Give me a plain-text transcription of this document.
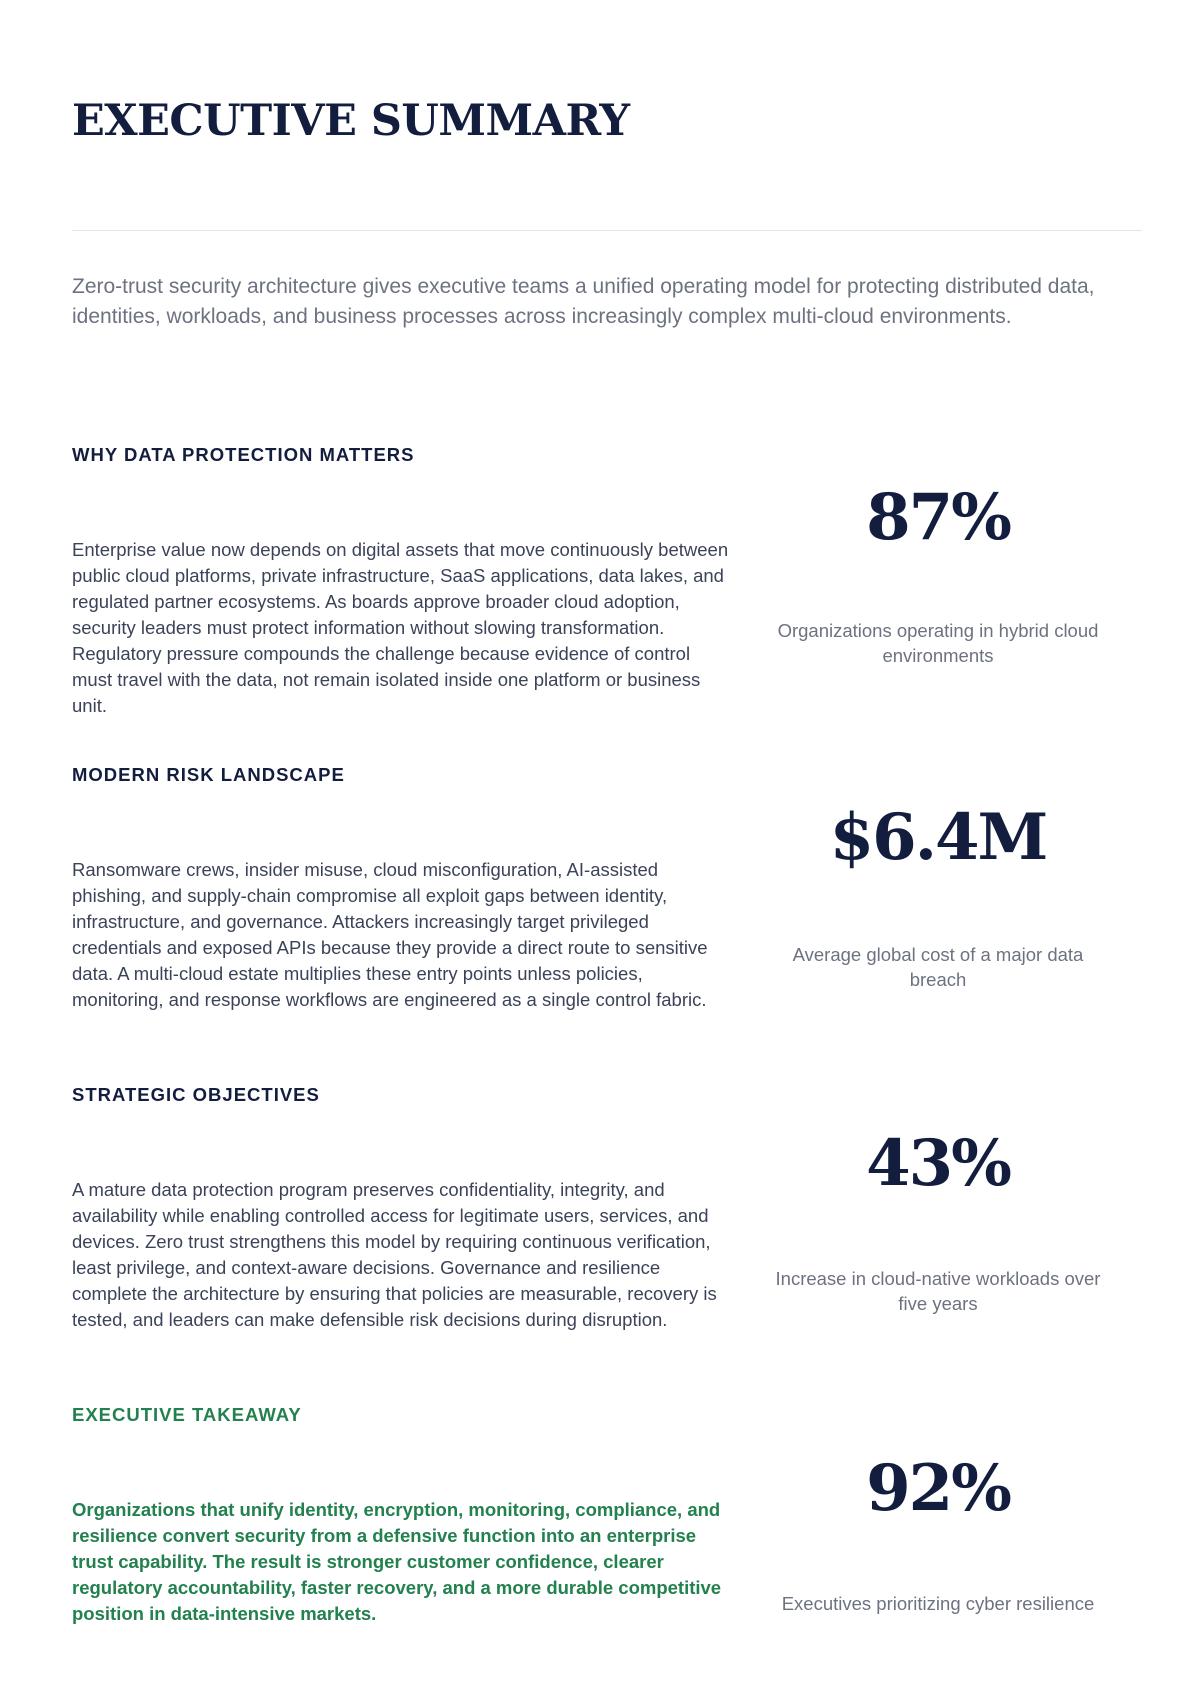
EXECUTIVE SUMMARY

Zero-trust security architecture gives executive teams a unified operating model for protecting distributed data, identities, workloads, and business processes across increasingly complex multi-cloud environments.

WHY DATA PROTECTION MATTERS

Enterprise value now depends on digital assets that move continuously between public cloud platforms, private infrastructure, SaaS applications, data lakes, and regulated partner ecosystems. As boards approve broader cloud adoption, security leaders must protect information without slowing transformation. Regulatory pressure compounds the challenge because evidence of control must travel with the data, not remain isolated inside one platform or business unit.

87%
Organizations operating in hybrid cloud environments
MODERN RISK LANDSCAPE

Ransomware crews, insider misuse, cloud misconfiguration, AI-assisted phishing, and supply-chain compromise all exploit gaps between identity, infrastructure, and governance. Attackers increasingly target privileged credentials and exposed APIs because they provide a direct route to sensitive data. A multi-cloud estate multiplies these entry points unless policies, monitoring, and response workflows are engineered as a single control fabric.

$6.4M
Average global cost of a major data breach
STRATEGIC OBJECTIVES

A mature data protection program preserves confidentiality, integrity, and availability while enabling controlled access for legitimate users, services, and devices. Zero trust strengthens this model by requiring continuous verification, least privilege, and context-aware decisions. Governance and resilience complete the architecture by ensuring that policies are measurable, recovery is tested, and leaders can make defensible risk decisions during disruption.

43%
Increase in cloud-native workloads over five years
EXECUTIVE TAKEAWAY

Organizations that unify identity, encryption, monitoring, compliance, and resilience convert security from a defensive function into an enterprise trust capability. The result is stronger customer confidence, clearer regulatory accountability, faster recovery, and a more durable competitive position in data-intensive markets.

92%
Executives prioritizing cyber resilience
